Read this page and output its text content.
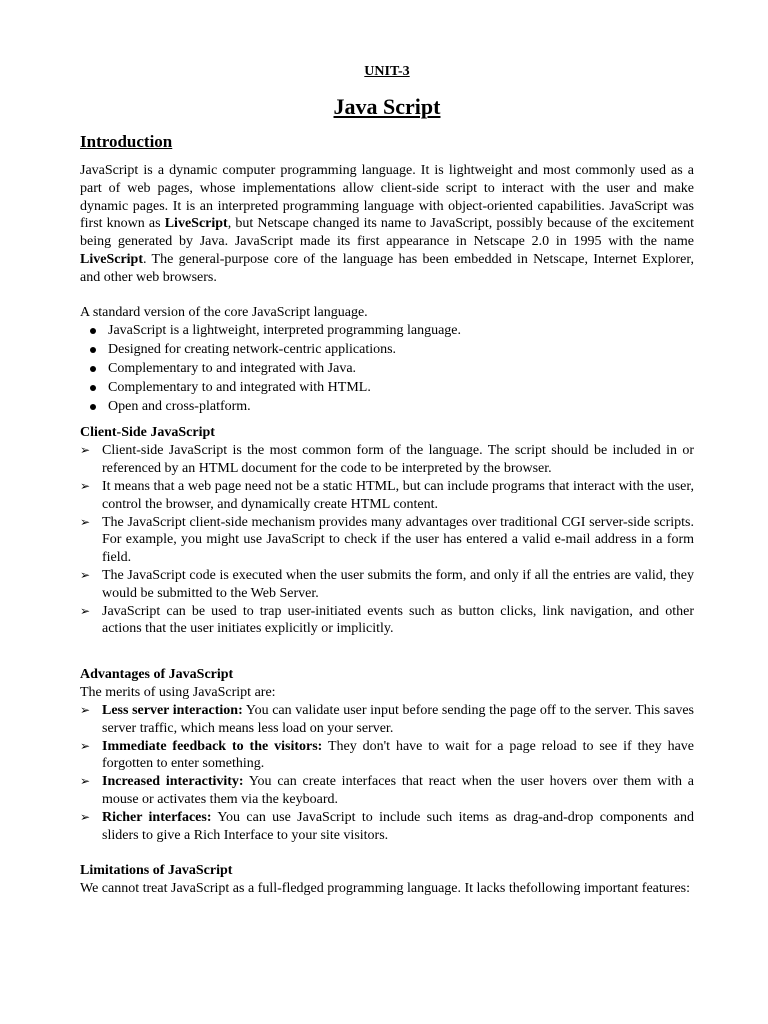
UNIT-3

Java Script
Introduction

JavaScript is a dynamic computer programming language. It is lightweight and most commonly used as a part of web pages, whose implementations allow client-side script to interact with the user and make dynamic pages. It is an interpreted programming language with object-oriented capabilities. JavaScript was first known as LiveScript, but Netscape changed its name to JavaScript, possibly because of the excitement being generated by Java. JavaScript made its first appearance in Netscape 2.0 in 1995 with the name LiveScript. The general-purpose core of the language has been embedded in Netscape, Internet Explorer, and other web browsers.

A standard version of the core JavaScript language.

JavaScript is a lightweight, interpreted programming language.
Designed for creating network-centric applications.
Complementary to and integrated with Java.
Complementary to and integrated with HTML.
Open and cross-platform.

Client-Side JavaScript

➢ Client-side JavaScript is the most common form of the language. The script should be included in or referenced by an HTML document for the code to be interpreted by the browser.
➢ It means that a web page need not be a static HTML, but can include programs that interact with the user, control the browser, and dynamically create HTML content.
➢ The JavaScript client-side mechanism provides many advantages over traditional CGI server-side scripts. For example, you might use JavaScript to check if the user has entered a valid e-mail address in a form field.
➢ The JavaScript code is executed when the user submits the form, and only if all the entries are valid, they would be submitted to the Web Server.
➢ JavaScript can be used to trap user-initiated events such as button clicks, link navigation, and other actions that the user initiates explicitly or implicitly.

Advantages of JavaScript

The merits of using JavaScript are:

➢ Less server interaction: You can validate user input before sending the page off to the server. This saves server traffic, which means less load on your server.
➢ Immediate feedback to the visitors: They don't have to wait for a page reload to see if they have forgotten to enter something.
➢ Increased interactivity: You can create interfaces that react when the user hovers over them with a mouse or activates them via the keyboard.
➢ Richer interfaces: You can use JavaScript to include such items as drag-and-drop components and sliders to give a Rich Interface to your site visitors.

Limitations of JavaScript

We cannot treat JavaScript as a full-fledged programming language. It lacks thefollowing important features:
